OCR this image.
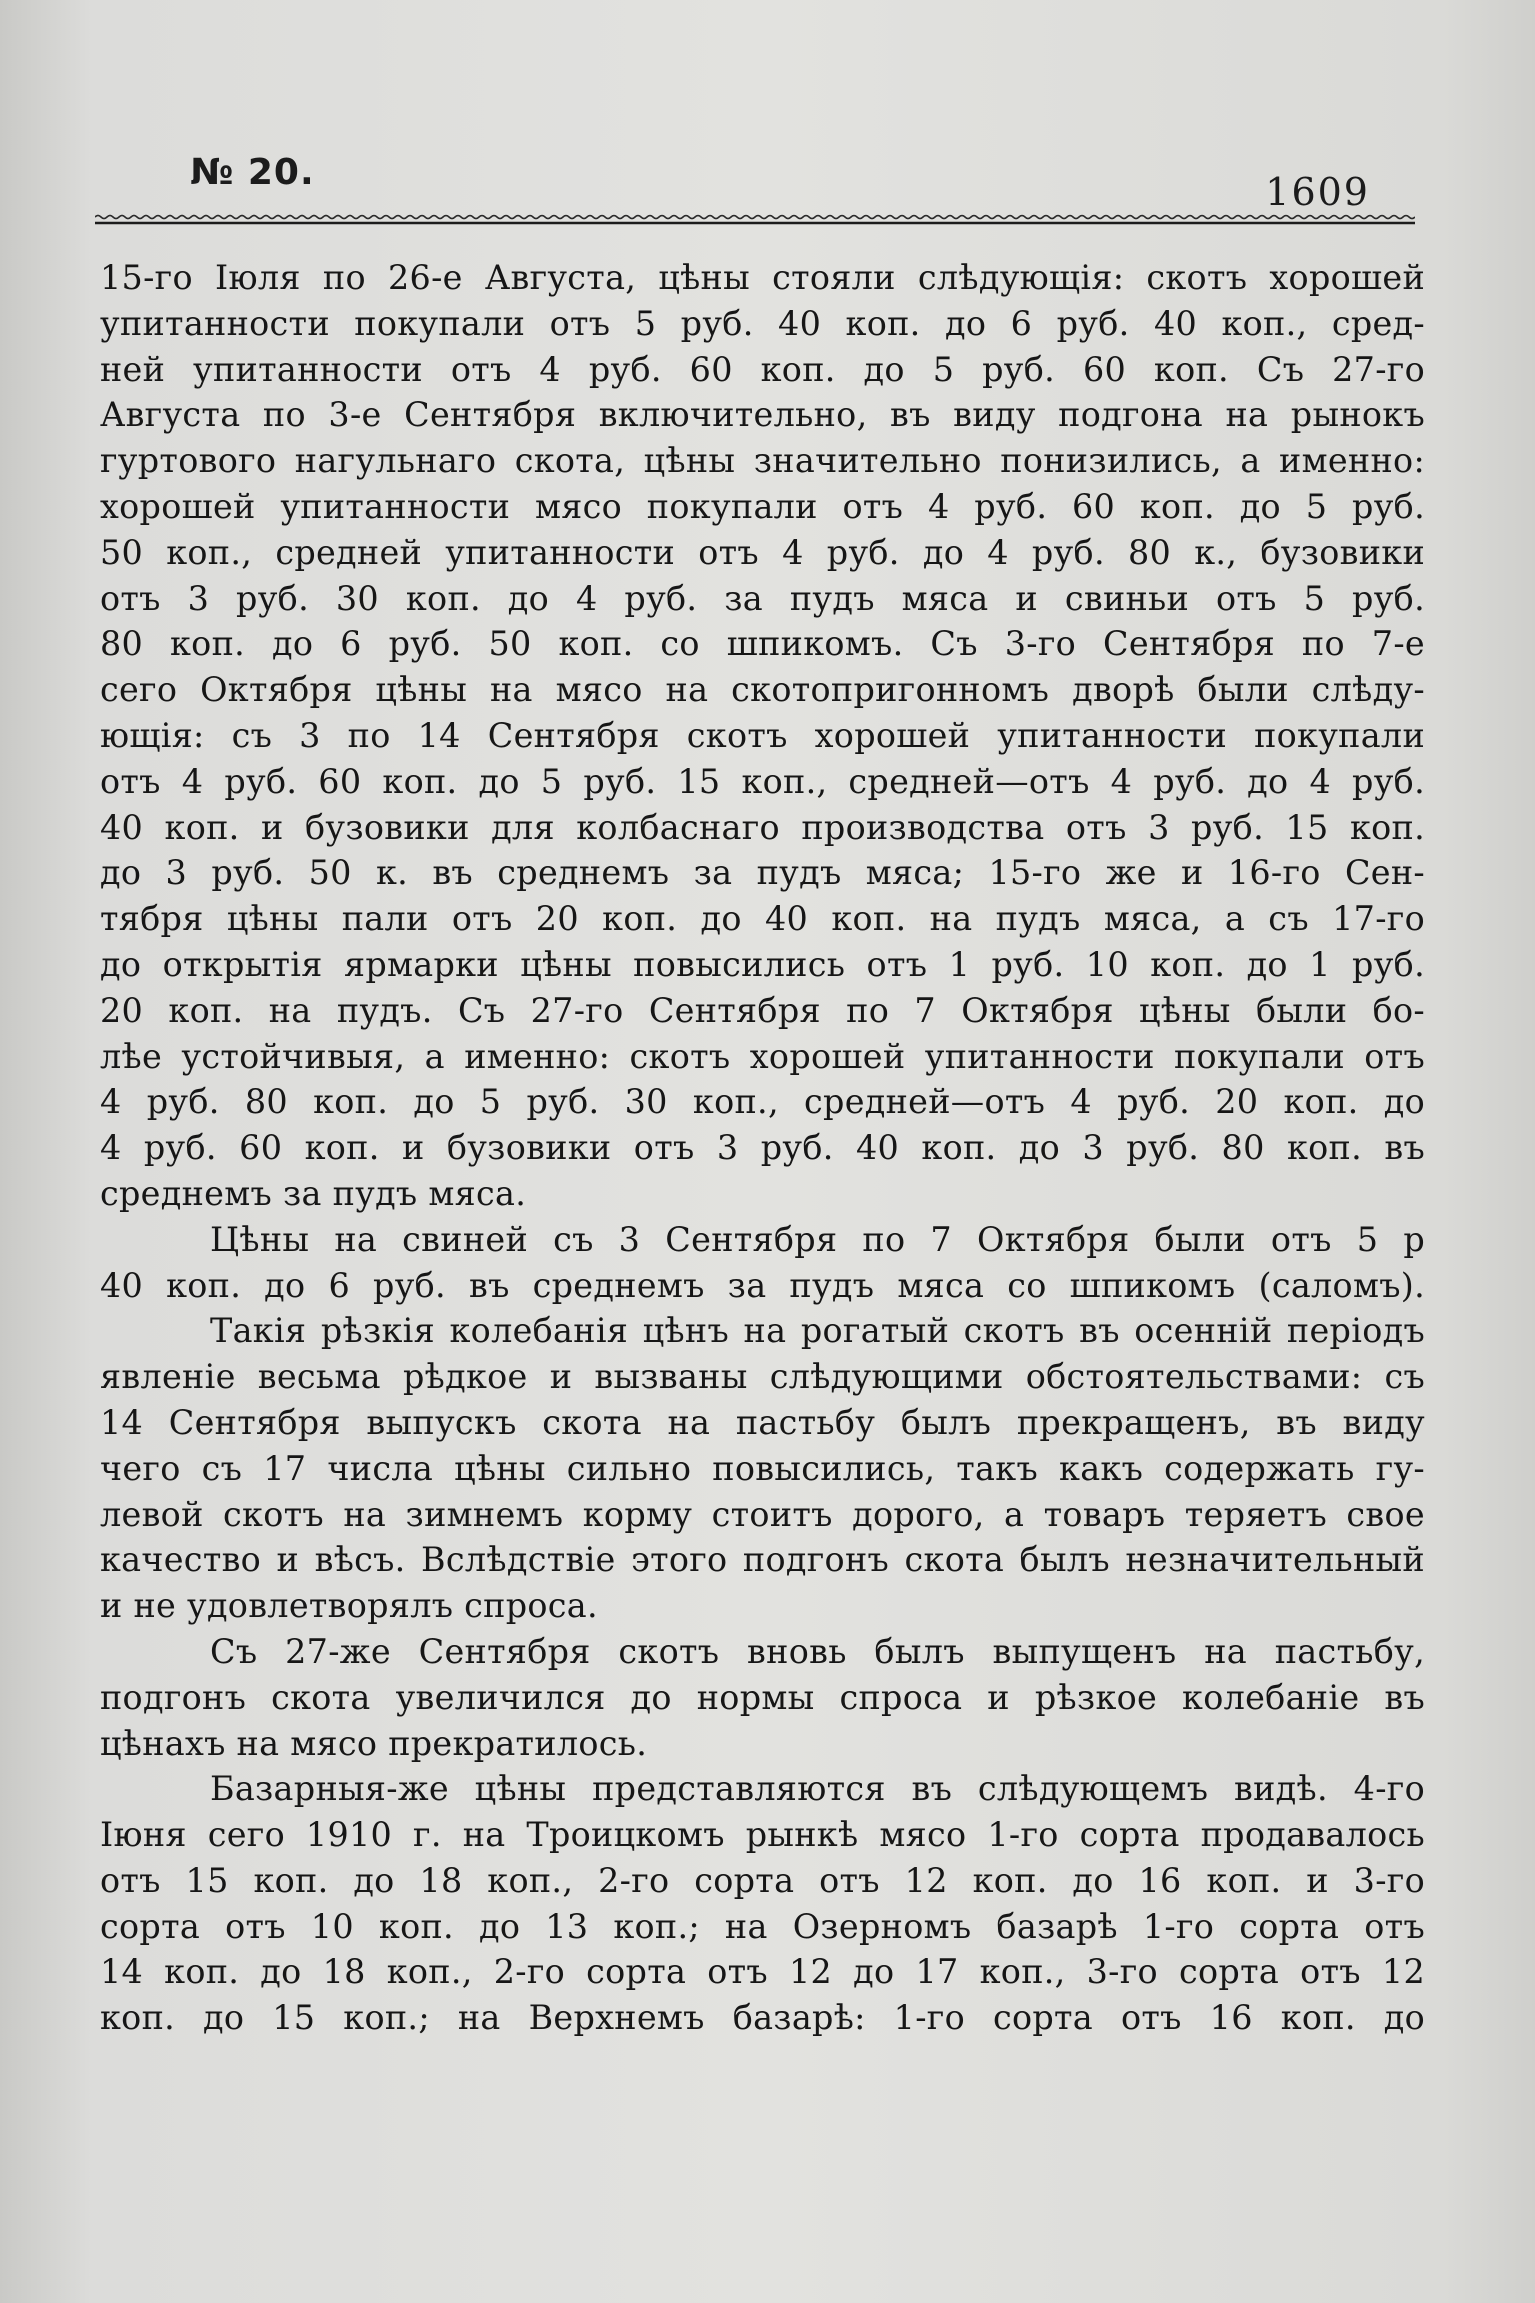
№ 20.	1609

15-го Іюля по 26-е Августа, цѣны стояли слѣдующія: скотъ хорошей
упитанности покупали отъ 5 руб. 40 коп. до 6 руб. 40 коп., сред-
ней упитанности отъ 4 руб. 60 коп. до 5 руб. 60 коп. Съ 27-го
Августа по 3-е Сентября включительно, въ виду подгона на рынокъ
гуртового нагульнаго скота, цѣны значительно понизились, а именно:
хорошей упитанности мясо покупали отъ 4 руб. 60 коп. до 5 руб.
50 коп., средней упитанности отъ 4 руб. до 4 руб. 80 к., бузовики
отъ 3 руб. 30 коп. до 4 руб. за пудъ мяса и свиньи отъ 5 руб.
80 коп. до 6 руб. 50 коп. со шпикомъ. Съ 3-го Сентября по 7-е
сего Октября цѣны на мясо на скотопригонномъ дворѣ были слѣду-
ющія: съ 3 по 14 Сентября скотъ хорошей упитанности покупали
отъ 4 руб. 60 коп. до 5 руб. 15 коп., средней—отъ 4 руб. до 4 руб.
40 коп. и бузовики для колбаснаго производства отъ 3 руб. 15 коп.
до 3 руб. 50 к. въ среднемъ за пудъ мяса; 15-го же и 16-го Сен-
тября цѣны пали отъ 20 коп. до 40 коп. на пудъ мяса, а съ 17-го
до открытія ярмарки цѣны повысились отъ 1 руб. 10 коп. до 1 руб.
20 коп. на пудъ. Съ 27-го Сентября по 7 Октября цѣны были бо-
лѣе устойчивыя, а именно: скотъ хорошей упитанности покупали отъ
4 руб. 80 коп. до 5 руб. 30 коп., средней—отъ 4 руб. 20 коп. до
4 руб. 60 коп. и бузовики отъ 3 руб. 40 коп. до 3 руб. 80 коп. въ
среднемъ за пудъ мяса.

Цѣны на свиней съ 3 Сентября по 7 Октября были отъ 5 р
40 коп. до 6 руб. въ среднемъ за пудъ мяса со шпикомъ (саломъ).

Такія рѣзкія колебанія цѣнъ на рогатый скотъ въ осенній періодъ
явленіе весьма рѣдкое и вызваны слѣдующими обстоятельствами: съ
14 Сентября выпускъ скота на пастьбу былъ прекращенъ, въ виду
чего съ 17 числа цѣны сильно повысились, такъ какъ содержать гу-
левой скотъ на зимнемъ корму стоитъ дорого, а товаръ теряетъ свое
качество и вѣсъ. Вслѣдствіе этого подгонъ скота былъ незначительный
и не удовлетворялъ спроса.

Съ 27-же Сентября скотъ вновь былъ выпущенъ на пастьбу,
подгонъ скота увеличился до нормы спроса и рѣзкое колебаніе въ
цѣнахъ на мясо прекратилось.

Базарныя-же цѣны представляются въ слѣдующемъ видѣ. 4-го
Іюня сего 1910 г. на Троицкомъ рынкѣ мясо 1-го сорта продавалось
отъ 15 коп. до 18 коп., 2-го сорта отъ 12 коп. до 16 коп. и 3-го
сорта отъ 10 коп. до 13 коп.; на Озерномъ базарѣ 1-го сорта отъ
14 коп. до 18 коп., 2-го сорта отъ 12 до 17 коп., 3-го сорта отъ 12
коп. до 15 коп.; на Верхнемъ базарѣ: 1-го сорта отъ 16 коп. до
